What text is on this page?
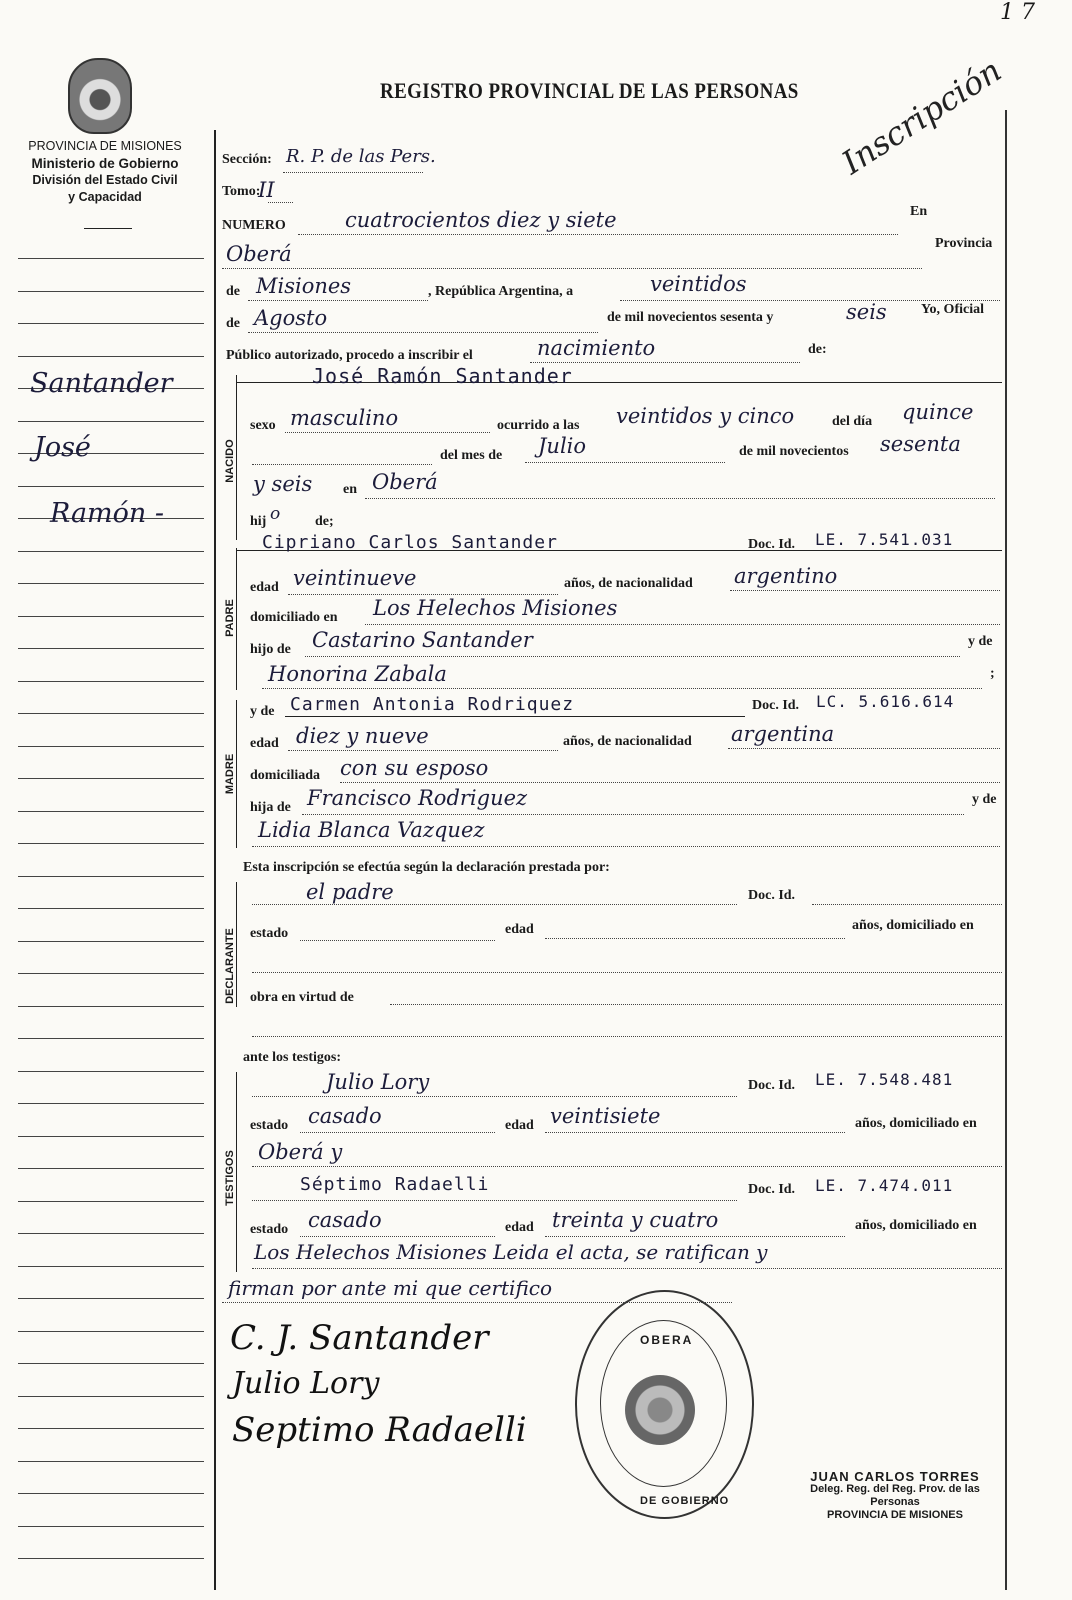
PROVINCIA DE MISIONES
Ministerio de Gobierno
División del Estado Civil
y Capacidad
Santander
José
Ramón -
1 7
Inscripción
REGISTRO PROVINCIAL DE LAS PERSONAS
Sección: R. P. de las Pers.
Tomo:
II
NUMERO	cuatrocientos diez y siete	En
Oberá	Provincia
de Misiones	, República Argentina, a	veintidos
de Agosto	de mil novecientos sesenta y	seis Yo, Oficial
Público autorizado, procedo a inscribir el	nacimiento	de:
NACIDO
José Ramón Santander
sexo masculino	ocurrido a las veintidos y cinco	del día quince
del mes de Julio	de mil novecientos sesenta
y seis en Oberá
hij o de;
PADRE
Cipriano Carlos Santander	Doc. Id. LE. 7.541.031
edad veintinueve	años, de nacionalidad argentino
domiciliado en Los Helechos Misiones
hijo de Castarino Santander	y de
Honorina Zabala	;
MADRE
y de Carmen Antonia Rodriquez	Doc. Id. LC. 5.616.614
edad diez y nueve	años, de nacionalidad argentina
domiciliada con su esposo
hija de Francisco Rodriguez	y de
Lidia Blanca Vazquez
Esta inscripción se efectúa según la declaración prestada por:
DECLARANTE
el padre	Doc. Id.
estado	edad	años, domiciliado en
obra en virtud de
ante los testigos:
TESTIGOS
Julio Lory	Doc. Id. LE. 7.548.481
estado casado	edad veintisiete	años, domiciliado en
Oberá y
Séptimo Radaelli	Doc. Id. LE. 7.474.011
estado casado	edad treinta y cuatro	años, domiciliado en
Los Helechos Misiones Leida el acta, se ratifican y
firman por ante mi que certifico
C. J. Santander
Julio Lory
Septimo Radaelli
OBERA
DE GOBIERNO
JUAN CARLOS TORRES
Deleg. Reg. del Reg. Prov. de las Personas
PROVINCIA DE MISIONES
